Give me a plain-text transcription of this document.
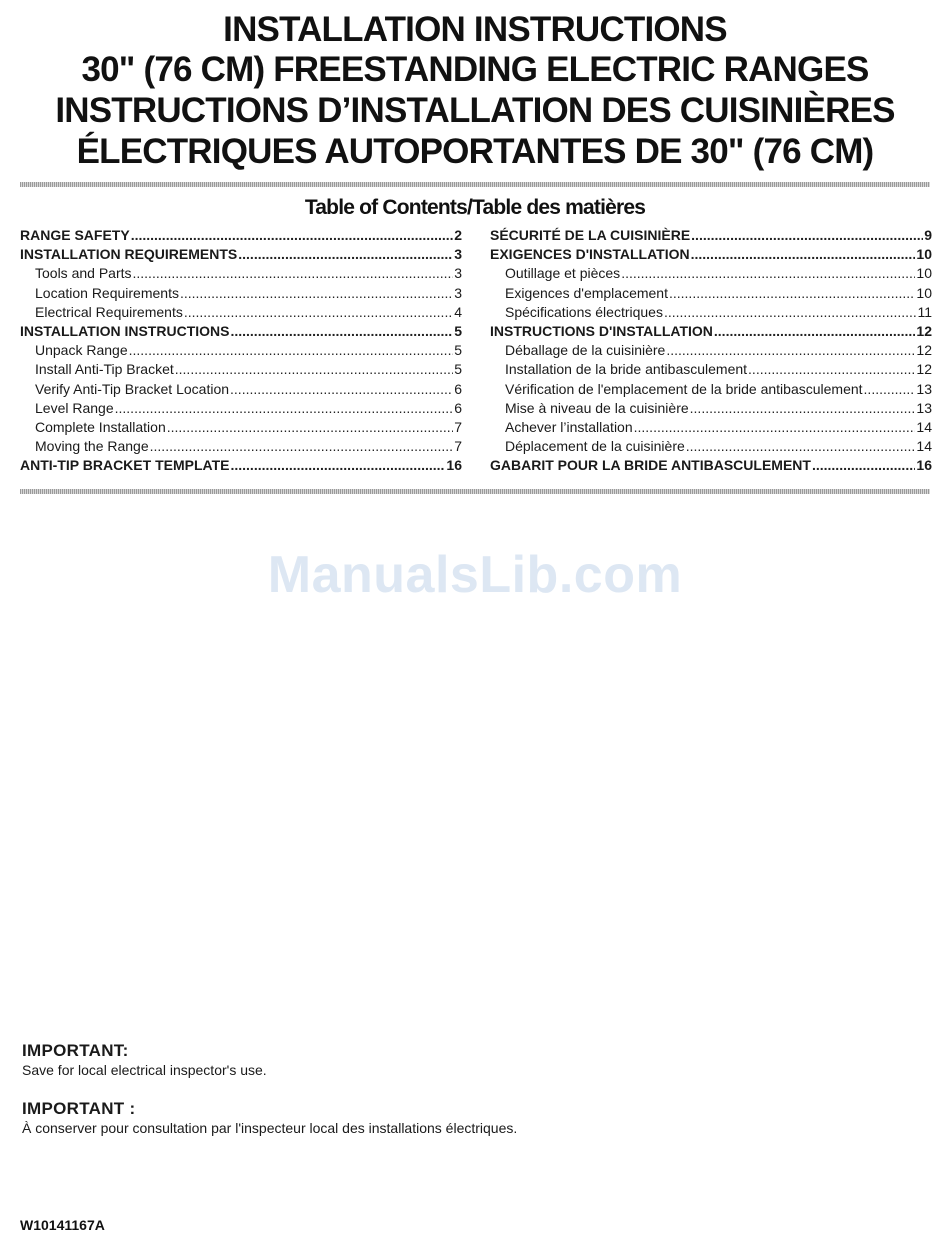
INSTALLATION INSTRUCTIONS
30" (76 CM) FREESTANDING ELECTRIC RANGES
INSTRUCTIONS D’INSTALLATION DES CUISINIÈRES
ÉLECTRIQUES AUTOPORTANTES DE 30" (76 CM)
Table of Contents/Table des matières
RANGE SAFETY .....	2
INSTALLATION REQUIREMENTS .....	3
Tools and Parts .....	3
Location Requirements .....	3
Electrical Requirements .....	4
INSTALLATION INSTRUCTIONS .....	5
Unpack Range .....	5
Install Anti-Tip Bracket .....	5
Verify Anti-Tip Bracket Location .....	6
Level Range .....	6
Complete Installation .....	7
Moving the Range .....	7
ANTI-TIP BRACKET TEMPLATE .....	16
SÉCURITÉ DE LA CUISINIÈRE .....	9
EXIGENCES D'INSTALLATION .....	10
Outillage et pièces .....	10
Exigences d'emplacement .....	10
Spécifications électriques .....	11
INSTRUCTIONS D'INSTALLATION .....	12
Déballage de la cuisinière .....	12
Installation de la bride antibasculement .....	12
Vérification de l'emplacement de la bride antibasculement .....	13
Mise à niveau de la cuisinière .....	13
Achever l’installation .....	14
Déplacement de la cuisinière .....	14
GABARIT POUR LA BRIDE ANTIBASCULEMENT .....	16
ManualsLib.com
IMPORTANT:
Save for local electrical inspector's use.
IMPORTANT :
À conserver pour consultation par l'inspecteur local des installations électriques.
W10141167A
